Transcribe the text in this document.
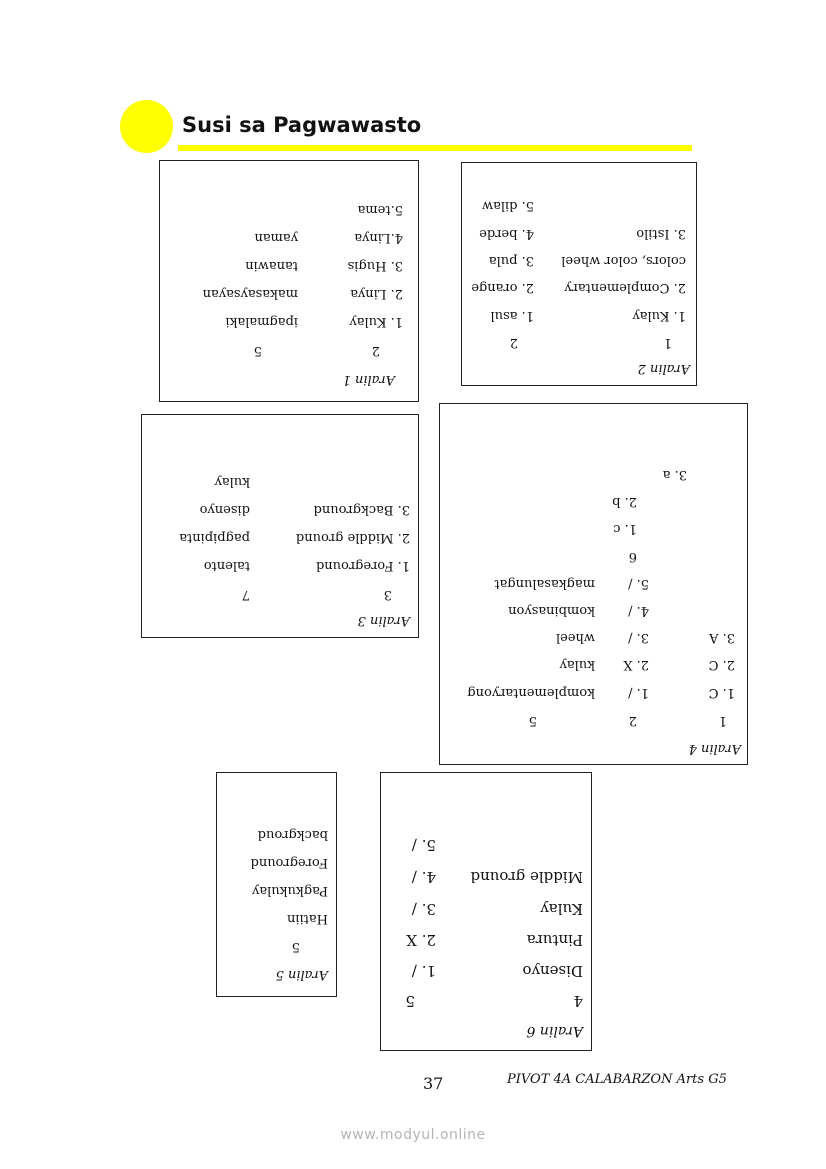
Susi sa Pagwawasto
Aralin 1
2
5
1. Kulay
ipagmalaki
2. Linya
makasaysayan
3. Hugis
tanawin
4.Linya
yaman
5.tema
Aralin 2
1
2
1. Kulay
1. asul
2. Complementary
2. orange
colors, color wheel
3. pula
3. Istilo
4. berde
5. dilaw
Aralin 3
3
7
1. Foreground
talento
2. Middle ground
pagpipinta
3. Background
disenyo
kulay
Aralin 4
1
2
5
1. C
1. /
komplementaryong
2. C
2. X
kulay
3. A
3. /
wheel
4. /
kombinasyon
5. /
magkasalungat
6
1. c
2. b
3. a
Aralin 5
5
Hatiin
Pagkukulay
Foreground
backgroud
Aralin 6
4
5
Disenyo
1. /
Pintura
2. X
Kulay
3. /
Middle ground
4. /
5. /
37	PIVOT 4A CALABARZON Arts G5
www.modyul.online
